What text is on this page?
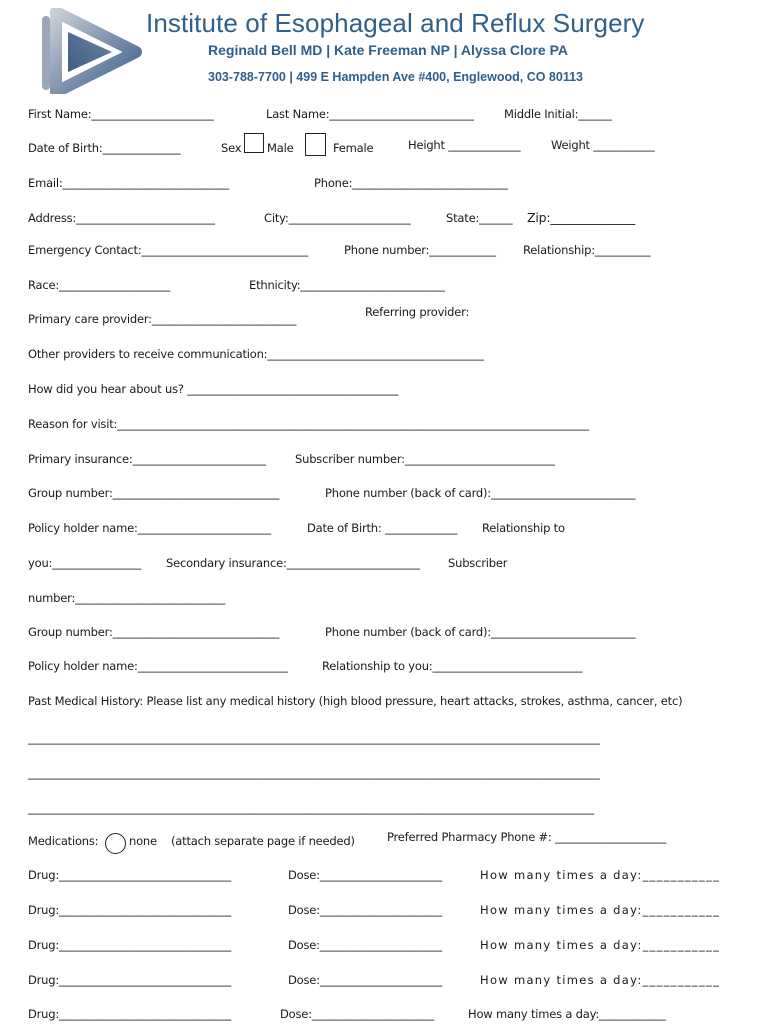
Institute of Esophageal and Reflux Surgery
Reginald Bell MD | Kate Freeman NP | Alyssa Clore PA
303-788-7700 | 499 E Hampden Ave #400, Englewood, CO 80113
First Name:______________________	Last Name:__________________________	Middle Initial:______
Date of Birth:______________	Sex Male	Female	Height _____________	Weight ___________
Email:______________________________	Phone:____________________________
Address:_________________________	City:______________________	State:______ Zip:______________
Emergency Contact:______________________________	Phone number:____________ Relationship:__________
Race:____________________	Ethnicity:__________________________
Primary care provider:__________________________	Referring provider:
Other providers to receive communication:_______________________________________
How did you hear about us? ______________________________________
Reason for visit:_____________________________________________________________________________________
Primary insurance:________________________	Subscriber number:___________________________
Group number:______________________________	Phone number (back of card):__________________________
Policy holder name:________________________	Date of Birth: _____________ Relationship to
you:________________ Secondary insurance:________________________ Subscriber
number:___________________________
Group number:______________________________	Phone number (back of card):__________________________
Policy holder name:___________________________	Relationship to you:___________________________
Past Medical History: Please list any medical history (high blood pressure, heart attacks, strokes, asthma, cancer, etc)
_______________________________________________________________________________________________________
_______________________________________________________________________________________________________
______________________________________________________________________________________________________
Medications:	none (attach separate page if needed)	Preferred Pharmacy Phone #: ____________________
Drug:_______________________________	Dose:______________________	How many times a day:___________
Drug:_______________________________	Dose:______________________	How many times a day:___________
Drug:_______________________________	Dose:______________________	How many times a day:___________
Drug:_______________________________	Dose:______________________	How many times a day:___________
Drug:_______________________________	Dose:______________________	How many times a day:____________
